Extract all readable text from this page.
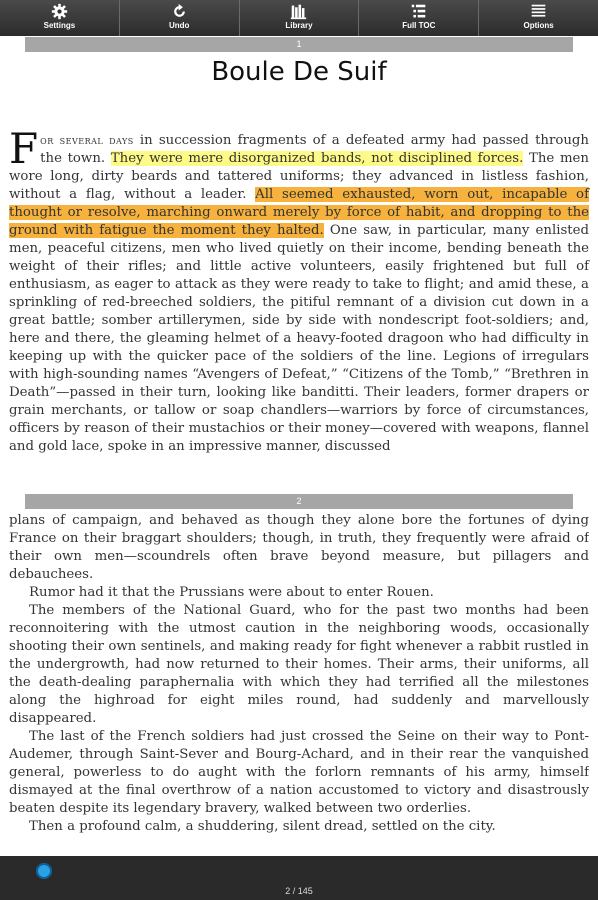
Settings	Undo	Library	Full TOC	Options
1
Boule De Suif

For several days in succession fragments of a defeated army had passed through the town. They were mere disorganized bands, not disciplined forces. The men wore long, dirty beards and tattered uniforms; they advanced in listless fashion, without a flag, without a leader. All seemed exhausted, worn out, incapable of thought or resolve, marching onward merely by force of habit, and dropping to the ground with fatigue the moment they halted. One saw, in particular, many enlisted men, peaceful citizens, men who lived quietly on their income, bending beneath the weight of their rifles; and little active volunteers, easily frightened but full of enthusiasm, as eager to attack as they were ready to take to flight; and amid these, a sprinkling of red-breeched soldiers, the pitiful remnant of a division cut down in a great battle; somber artillerymen, side by side with nondescript foot-soldiers; and, here and there, the gleaming helmet of a heavy-footed dragoon who had difficulty in keeping up with the quicker pace of the soldiers of the line. Legions of irregulars with high-sounding names “Avengers of Defeat,” “Citizens of the Tomb,” “Brethren in Death”—passed in their turn, looking like banditti. Their leaders, former drapers or grain merchants, or tallow or soap chandlers—warriors by force of circumstances, officers by reason of their mustachios or their money—covered with weapons, flannel and gold lace, spoke in an impressive manner, discussed

2

plans of campaign, and behaved as though they alone bore the fortunes of dying France on their braggart shoulders; though, in truth, they frequently were afraid of their own men—scoundrels often brave beyond measure, but pillagers and debauchees.

Rumor had it that the Prussians were about to enter Rouen.

The members of the National Guard, who for the past two months had been reconnoitering with the utmost caution in the neighboring woods, occasionally shooting their own sentinels, and making ready for fight whenever a rabbit rustled in the undergrowth, had now returned to their homes. Their arms, their uniforms, all the death-dealing paraphernalia with which they had terrified all the milestones along the highroad for eight miles round, had suddenly and marvellously disappeared.

The last of the French soldiers had just crossed the Seine on their way to Pont-Audemer, through Saint-Sever and Bourg-Achard, and in their rear the vanquished general, powerless to do aught with the forlorn remnants of his army, himself dismayed at the final overthrow of a nation accustomed to victory and disastrously beaten despite its legendary bravery, walked between two orderlies.

Then a profound calm, a shuddering, silent dread, settled on the city.

2 / 145
